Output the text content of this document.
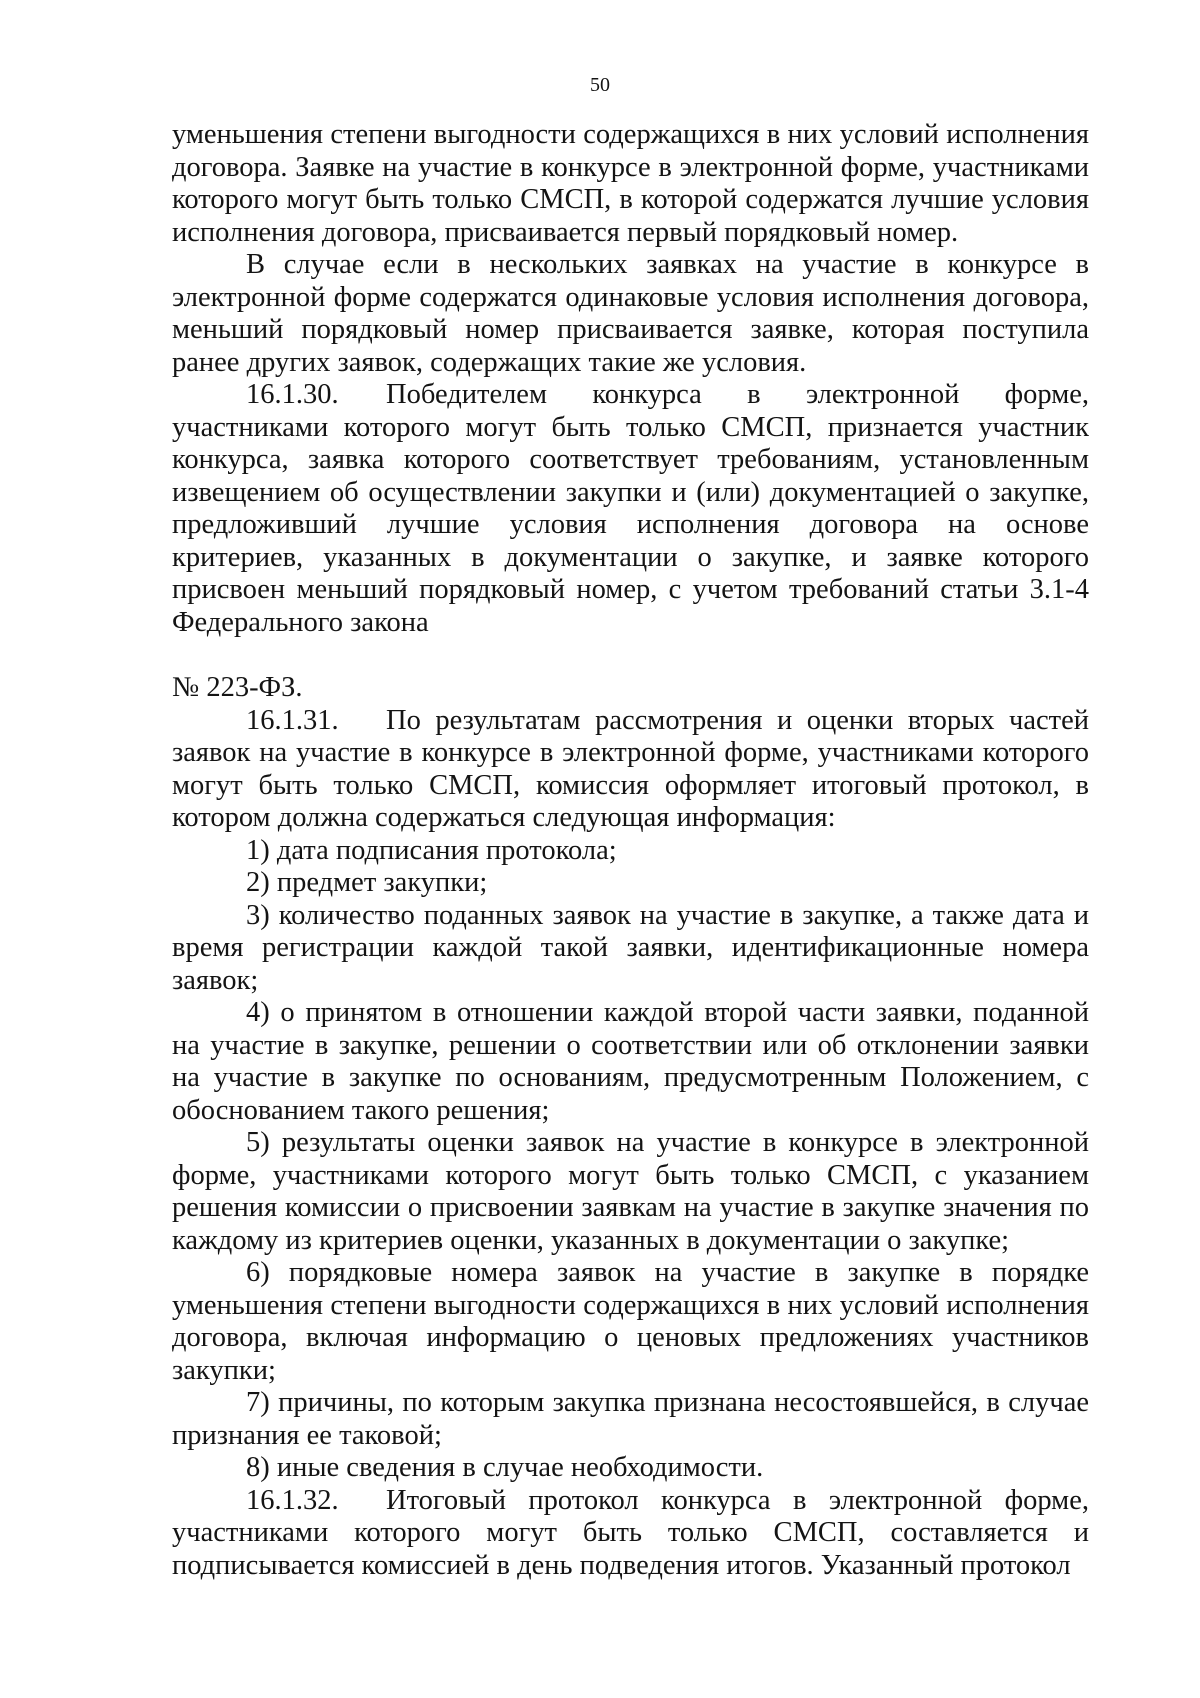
50

уменьшения степени выгодности содержащихся в них условий исполнения договора. Заявке на участие в конкурсе в электронной форме, участниками которого могут быть только СМСП, в которой содержатся лучшие условия исполнения договора, присваивается первый порядковый номер.

В случае если в нескольких заявках на участие в конкурсе в электронной форме содержатся одинаковые условия исполнения договора, меньший порядковый номер присваивается заявке, которая поступила ранее других заявок, содержащих такие же условия.

16.1.30. Победителем конкурса в электронной форме, участниками которого могут быть только СМСП, признается участник конкурса, заявка которого соответствует требованиям, установленным извещением об осуществлении закупки и (или) документацией о закупке, предложивший лучшие условия исполнения договора на основе критериев, указанных в документации о закупке, и заявке которого присвоен меньший порядковый номер, с учетом требований статьи 3.1-4 Федерального закона

№ 223-ФЗ.

16.1.31. По результатам рассмотрения и оценки вторых частей заявок на участие в конкурсе в электронной форме, участниками которого могут быть только СМСП, комиссия оформляет итоговый протокол, в котором должна содержаться следующая информация:

1) дата подписания протокола;

2) предмет закупки;

3) количество поданных заявок на участие в закупке, а также дата и время регистрации каждой такой заявки, идентификационные номера заявок;

4) о принятом в отношении каждой второй части заявки, поданной на участие в закупке, решении о соответствии или об отклонении заявки на участие в закупке по основаниям, предусмотренным Положением, с обоснованием такого решения;

5) результаты оценки заявок на участие в конкурсе в электронной форме, участниками которого могут быть только СМСП, с указанием решения комиссии о присвоении заявкам на участие в закупке значения по каждому из критериев оценки, указанных в документации о закупке;

6) порядковые номера заявок на участие в закупке в порядке уменьшения степени выгодности содержащихся в них условий исполнения договора, включая информацию о ценовых предложениях участников закупки;

7) причины, по которым закупка признана несостоявшейся, в случае признания ее таковой;

8) иные сведения в случае необходимости.

16.1.32. Итоговый протокол конкурса в электронной форме, участниками которого могут быть только СМСП, составляется и подписывается комиссией в день подведения итогов. Указанный протокол
